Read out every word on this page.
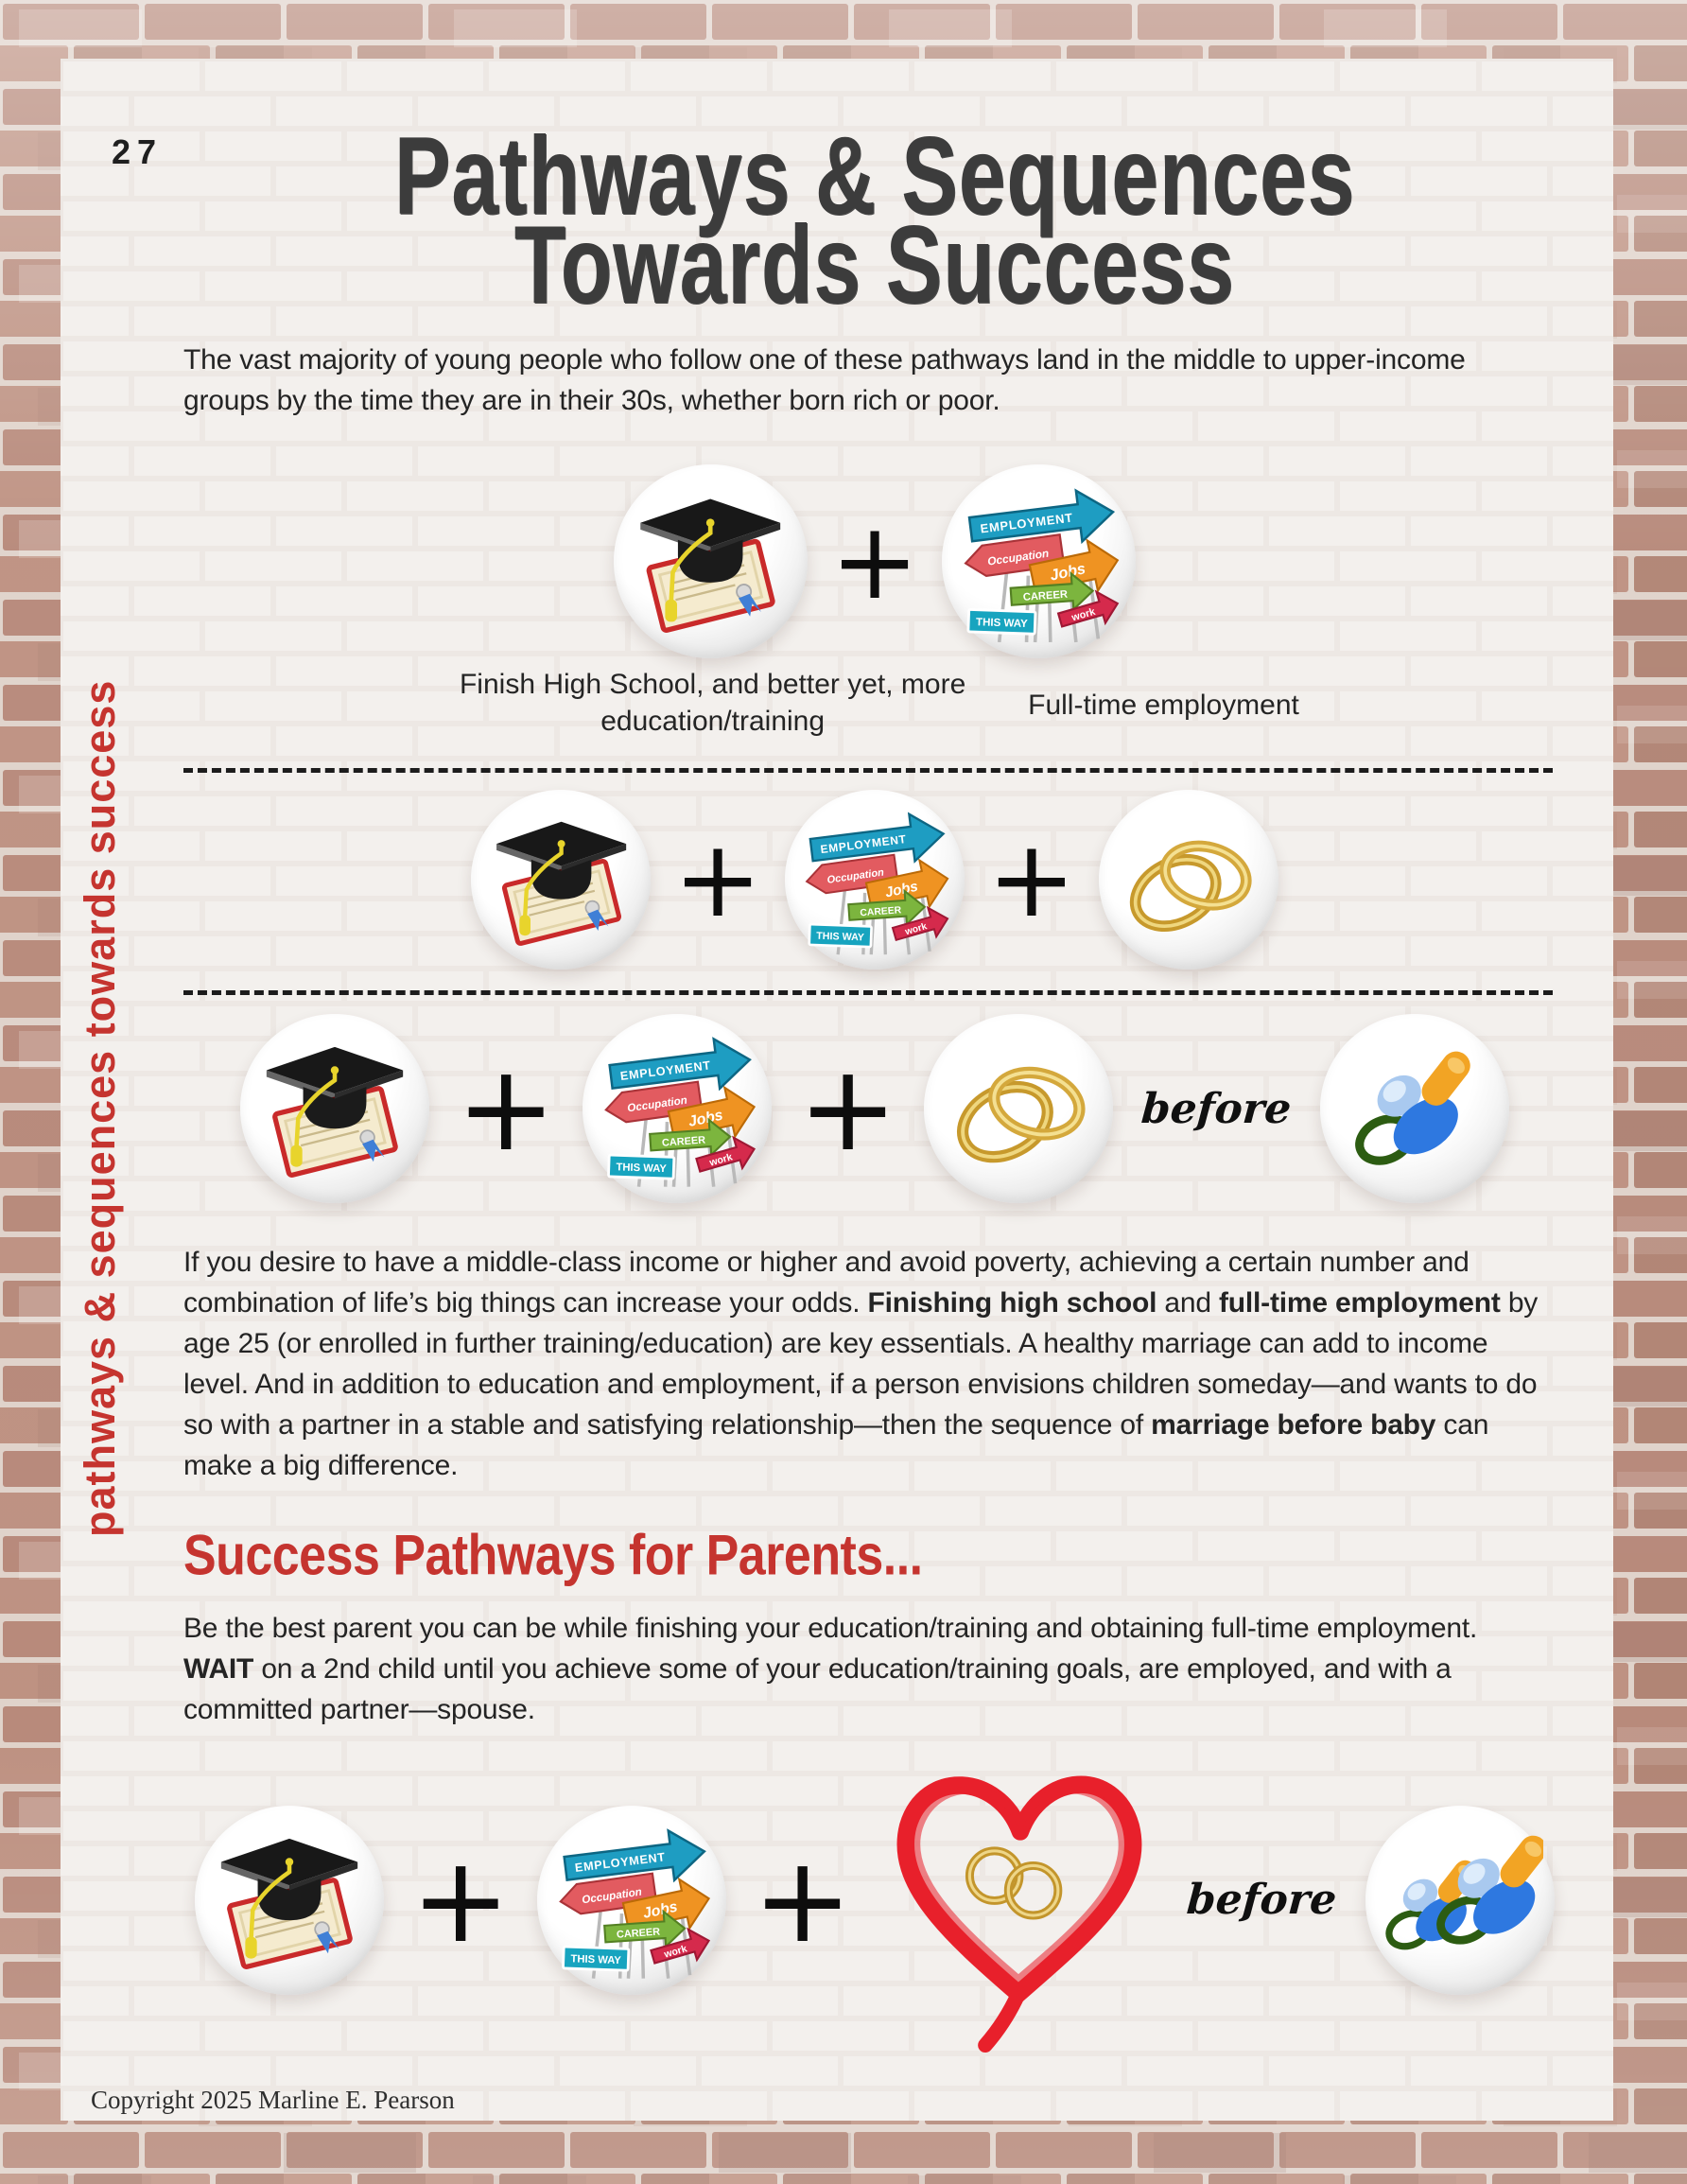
27
pathways & sequences towards success
Pathways & Sequences
Towards Success

The vast majority of young people who follow one of these pathways land in the middle to upper-income groups by the time they are in their 30s, whether born rich or poor.

+
Finish High School, and better yet, more education/training
Full-time employment
+ +
+ +	before

If you desire to have a middle-class income or higher and avoid poverty, achieving a certain number and combination of life’s big things can increase your odds. Finishing high school and full-time employment by age 25 (or enrolled in further training/education) are key essentials. A healthy marriage can add to income level. And in addition to education and employment, if a person envisions children someday—and wants to do so with a partner in a stable and satisfying relationship—then the sequence of marriage before baby can make a big difference.

Success Pathways for Parents...

Be the best parent you can be while finishing your education/training and obtaining full-time employment. WAIT on a 2nd child until you achieve some of your education/training goals, are employed, and with a committed partner—spouse.

+ +	before
Copyright 2025 Marline E. Pearson
